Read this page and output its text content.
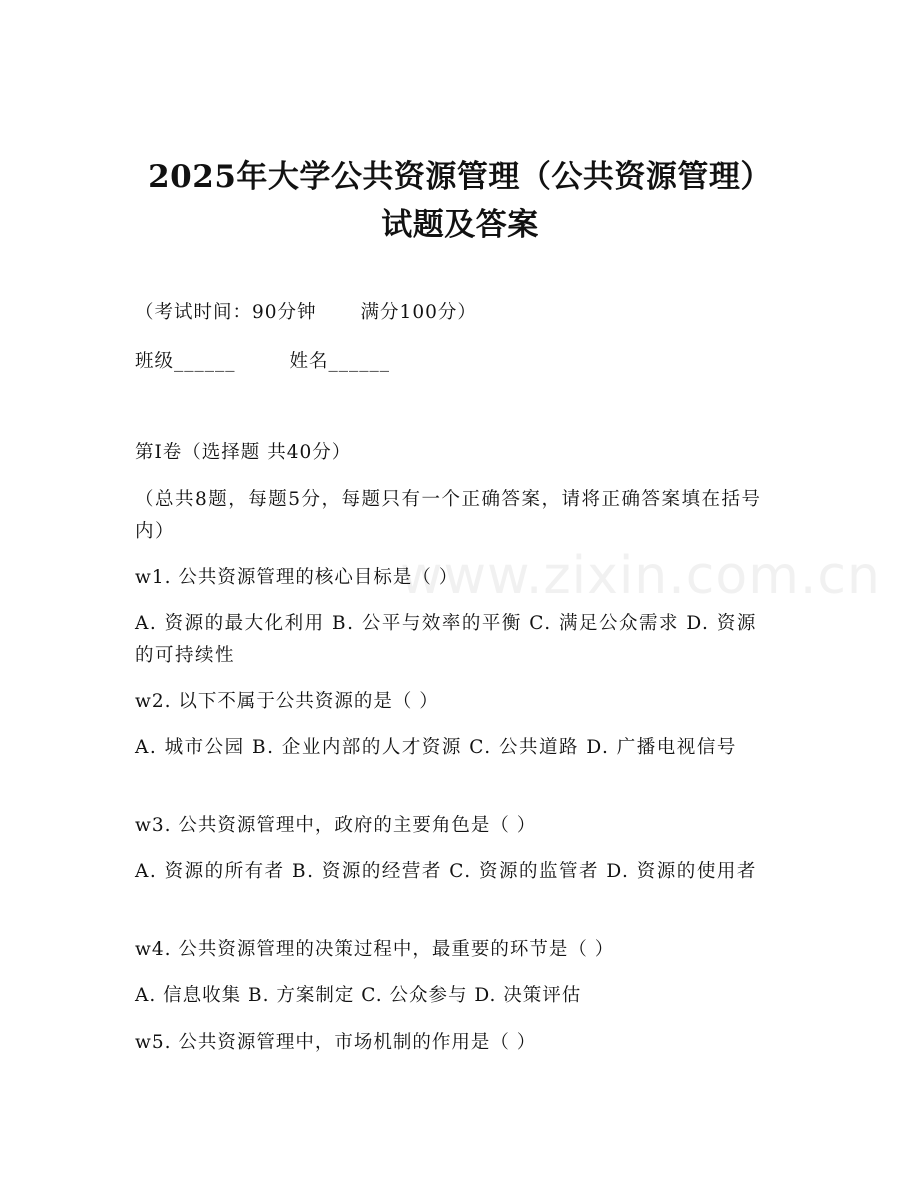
www.zixin.com.cn
2025年大学公共资源管理（公共资源管理）
试题及答案
（考试时间：90分钟 满分100分）
班级______	姓名______
第I卷（选择题 共40分）
（总共8题，每题5分，每题只有一个正确答案，请将正确答案填在括号内）
w1. 公共资源管理的核心目标是（ ）
A. 资源的最大化利用 B. 公平与效率的平衡 C. 满足公众需求 D. 资源的可持续性
w2. 以下不属于公共资源的是（ ）
A. 城市公园 B. 企业内部的人才资源 C. 公共道路 D. 广播电视信号
w3. 公共资源管理中，政府的主要角色是（ ）
A. 资源的所有者 B. 资源的经营者 C. 资源的监管者 D. 资源的使用者
w4. 公共资源管理的决策过程中，最重要的环节是（ ）
A. 信息收集 B. 方案制定 C. 公众参与 D. 决策评估
w5. 公共资源管理中，市场机制的作用是（ ）
